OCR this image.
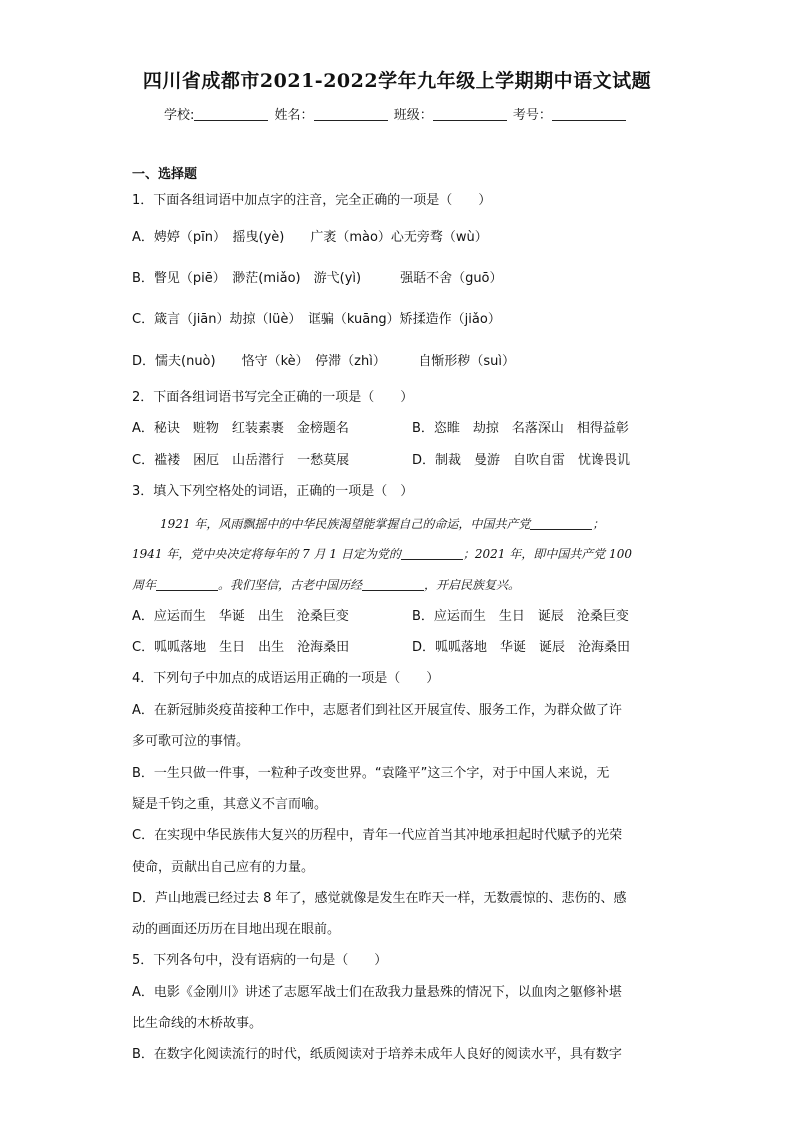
四川省成都市2021-2022学年九年级上学期期中语文试题
学校:	姓名：	班级：	考号：
一、选择题
1．下面各组词语中加点字的注音，完全正确的一项是（　　）
A．娉婷（pīn）　摇曳(yè)　　广袤（mào）心无旁骛（wù）
B．瞥见（piē）　渺茫(miǎo)　游弋(yì)　　　强聒不舍（guō）
C．箴言（jiān）劫掠（lüè）　诓骗（kuāng）矫揉造作（jiǎo）
D．懦夫(nuò)　　恪守（kè）　停滞（zhì）　　　自惭形秽（suì）
2．下面各组词语书写完全正确的一项是（　　）
A．秘诀　赃物　红装素裹　金榜题名	B．恣睢　劫掠　名落深山　相得益彰
C．褴褛　困厄　山岳潜行　一愁莫展	D．制裁　曼游　自吹自雷　忧谗畏讥
3．填入下列空格处的词语，正确的一项是（　）
1921 年，风雨飘摇中的中华民族渴望能掌握自己的命运，中国共产党	；
1941 年，党中央决定将每年的 7 月 1 日定为党的	；2021 年，即中国共产党 100
周年	。我们坚信，古老中国历经	，开启民族复兴。
A．应运而生　华诞　出生　沧桑巨变	B．应运而生　生日　诞辰　沧桑巨变
C．呱呱落地　生日　出生　沧海桑田	D．呱呱落地　华诞　诞辰　沧海桑田
4．下列句子中加点的成语运用正确的一项是（　　）
A．在新冠肺炎疫苗接种工作中，志愿者们到社区开展宣传、服务工作，为群众做了许
多可歌可泣的事情。
B．一生只做一件事，一粒种子改变世界。“袁隆平”这三个字，对于中国人来说，无
疑是千钧之重，其意义不言而喻。
C．在实现中华民族伟大复兴的历程中，青年一代应首当其冲地承担起时代赋予的光荣
使命，贡献出自己应有的力量。
D．芦山地震已经过去 8 年了，感觉就像是发生在昨天一样，无数震惊的、悲伤的、感
动的画面还历历在目地出现在眼前。
5．下列各句中，没有语病的一句是（　　）
A．电影《金刚川》讲述了志愿军战士们在敌我力量悬殊的情况下，以血肉之躯修补堪
比生命线的木桥故事。
B．在数字化阅读流行的时代，纸质阅读对于培养未成年人良好的阅读水平，具有数字
